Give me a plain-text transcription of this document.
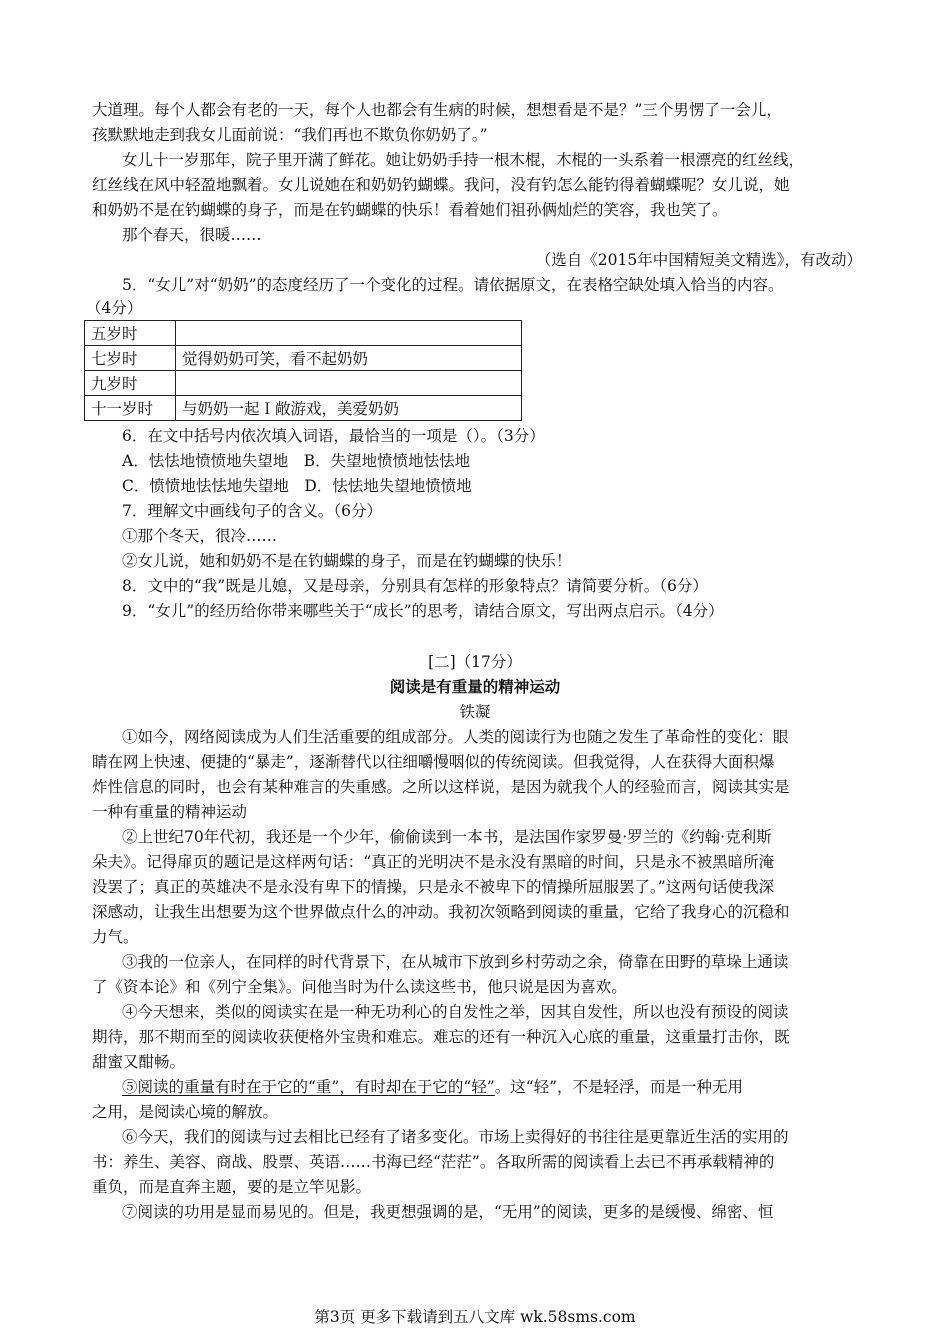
大道理。每个人都会有老的一天，每个人也都会有生病的时候，想想看是不是？”三个男愣了一会儿，
孩默默地走到我女儿面前说：“我们再也不欺负你奶奶了。”
女儿十一岁那年，院子里开满了鲜花。她让奶奶手持一根木棍，木棍的一头系着一根漂亮的红丝线，
红丝线在风中轻盈地飘着。女儿说她在和奶奶钓蝴蝶。我问，没有钓怎么能钓得着蝴蝶呢？女儿说，她
和奶奶不是在钓蝴蝶的身子，而是在钓蝴蝶的快乐！看着她们祖孙俩灿烂的笑容，我也笑了。
那个春天，很暖……
（选自《2015年中国精短美文精选》，有改动）
5．“女儿”对“奶奶”的态度经历了一个变化的过程。请依据原文，在表格空缺处填入恰当的内容。
（4分）
五岁时	
七岁时	觉得奶奶可笑，看不起奶奶
九岁时	
十一岁时	与奶奶一起Ｉ敞游戏，美爱奶奶
6．在文中括号内依次填入词语，最恰当的一项是（）。（3分）
A．怯怯地愤愤地失望地　B．失望地愤愤地怯怯地
C．愤愤地怯怯地失望地　D．怯怯地失望地愤愤地
7．理解文中画线句子的含义。（6分）
①那个冬天，很冷……
②女儿说，她和奶奶不是在钓蝴蝶的身子，而是在钓蝴蝶的快乐！
8．文中的“我”既是儿媳，又是母亲，分别具有怎样的形象特点？请简要分析。（6分）
9．“女儿”的经历给你带来哪些关于“成长”的思考，请结合原文，写出两点启示。（4分）
[二]（17分）
阅读是有重量的精神运动
铁凝
①如今，网络阅读成为人们生活重要的组成部分。人类的阅读行为也随之发生了革命性的变化：眼
睛在网上快速、便捷的“暴走”，逐渐替代以往细嚼慢咽似的传统阅读。但我觉得，人在获得大面积爆
炸性信息的同时，也会有某种难言的失重感。之所以这样说，是因为就我个人的经验而言，阅读其实是
一种有重量的精神运动
②上世纪70年代初，我还是一个少年，偷偷读到一本书，是法国作家罗曼·罗兰的《约翰·克利斯
朵夫》。记得扉页的题记是这样两句话：“真正的光明决不是永没有黑暗的时间，只是永不被黑暗所淹
没罢了；真正的英雄决不是永没有卑下的情操，只是永不被卑下的情操所屈服罢了。”这两句话使我深
深感动，让我生出想要为这个世界做点什么的冲动。我初次领略到阅读的重量，它给了我身心的沉稳和
力气。
③我的一位亲人，在同样的时代背景下，在从城市下放到乡村劳动之余，倚靠在田野的草垛上通读
了《资本论》和《列宁全集》。问他当时为什么读这些书，他只说是因为喜欢。
④今天想来，类似的阅读实在是一种无功利心的自发性之举，因其自发性，所以也没有预设的阅读
期待，那不期而至的阅读收获便格外宝贵和难忘。难忘的还有一种沉入心底的重量，这重量打击你，既
甜蜜又酣畅。
⑤阅读的重量有时在于它的“重”，有时却在于它的“轻”。这“轻”，不是轻浮，而是一种无用
之用，是阅读心境的解放。
⑥今天，我们的阅读与过去相比已经有了诸多变化。市场上卖得好的书往往是更靠近生活的实用的
书：养生、美容、商战、股票、英语……书海已经“茫茫”。各取所需的阅读看上去已不再承载精神的
重负，而是直奔主题，要的是立竿见影。
⑦阅读的功用是显而易见的。但是，我更想强调的是，“无用”的阅读，更多的是缓慢、绵密、恒
第3页 更多下载请到五八文库 wk.58sms.com
